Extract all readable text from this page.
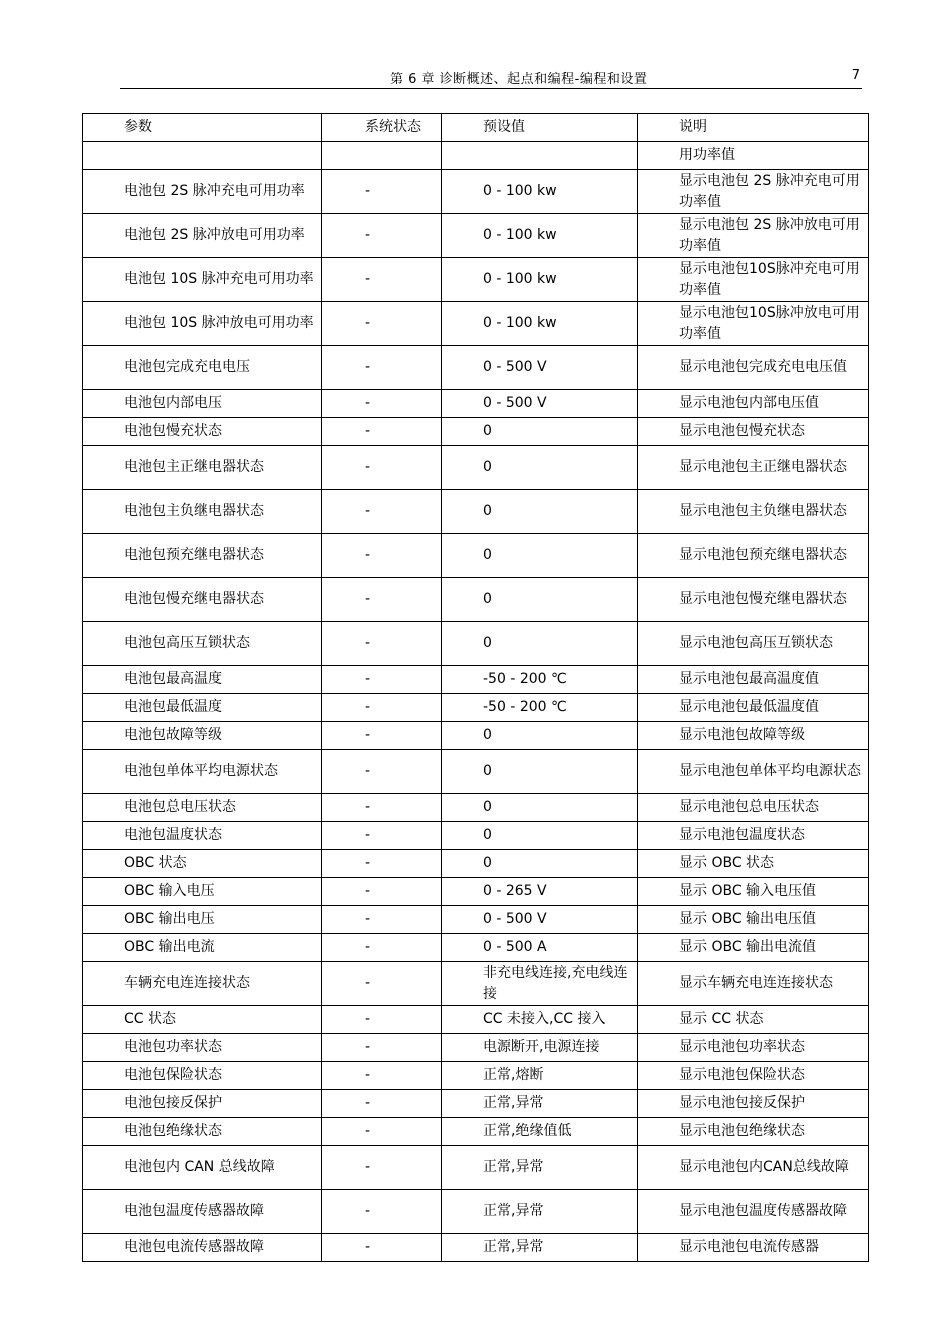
第 6 章 诊断概述、起点和编程-编程和设置	7
参数	系统状态	预设值	说明
			用功率值
电池包 2S 脉冲充电可用功率	-	0 - 100 kw	显示电池包 2S 脉冲充电可用功率值
电池包 2S 脉冲放电可用功率	-	0 - 100 kw	显示电池包 2S 脉冲放电可用功率值
电池包 10S 脉冲充电可用功率	-	0 - 100 kw	显示电池包10S脉冲充电可用功率值
电池包 10S 脉冲放电可用功率	-	0 - 100 kw	显示电池包10S脉冲放电可用功率值
电池包完成充电电压	-	0 - 500 V	显示电池包完成充电电压值
电池包内部电压	-	0 - 500 V	显示电池包内部电压值
电池包慢充状态	-	0	显示电池包慢充状态
电池包主正继电器状态	-	0	显示电池包主正继电器状态
电池包主负继电器状态	-	0	显示电池包主负继电器状态
电池包预充继电器状态	-	0	显示电池包预充继电器状态
电池包慢充继电器状态	-	0	显示电池包慢充继电器状态
电池包高压互锁状态	-	0	显示电池包高压互锁状态
电池包最高温度	-	-50 - 200 ℃	显示电池包最高温度值
电池包最低温度	-	-50 - 200 ℃	显示电池包最低温度值
电池包故障等级	-	0	显示电池包故障等级
电池包单体平均电源状态	-	0	显示电池包单体平均电源状态
电池包总电压状态	-	0	显示电池包总电压状态
电池包温度状态	-	0	显示电池包温度状态
OBC 状态	-	0	显示 OBC 状态
OBC 输入电压	-	0 - 265 V	显示 OBC 输入电压值
OBC 输出电压	-	0 - 500 V	显示 OBC 输出电压值
OBC 输出电流	-	0 - 500 A	显示 OBC 输出电流值
车辆充电连连接状态	-	非充电线连接,充电线连接	显示车辆充电连连接状态
CC 状态	-	CC 未接入,CC 接入	显示 CC 状态
电池包功率状态	-	电源断开,电源连接	显示电池包功率状态
电池包保险状态	-	正常,熔断	显示电池包保险状态
电池包接反保护	-	正常,异常	显示电池包接反保护
电池包绝缘状态	-	正常,绝缘值低	显示电池包绝缘状态
电池包内 CAN 总线故障	-	正常,异常	显示电池包内CAN总线故障
电池包温度传感器故障	-	正常,异常	显示电池包温度传感器故障
电池包电流传感器故障	-	正常,异常	显示电池包电流传感器
